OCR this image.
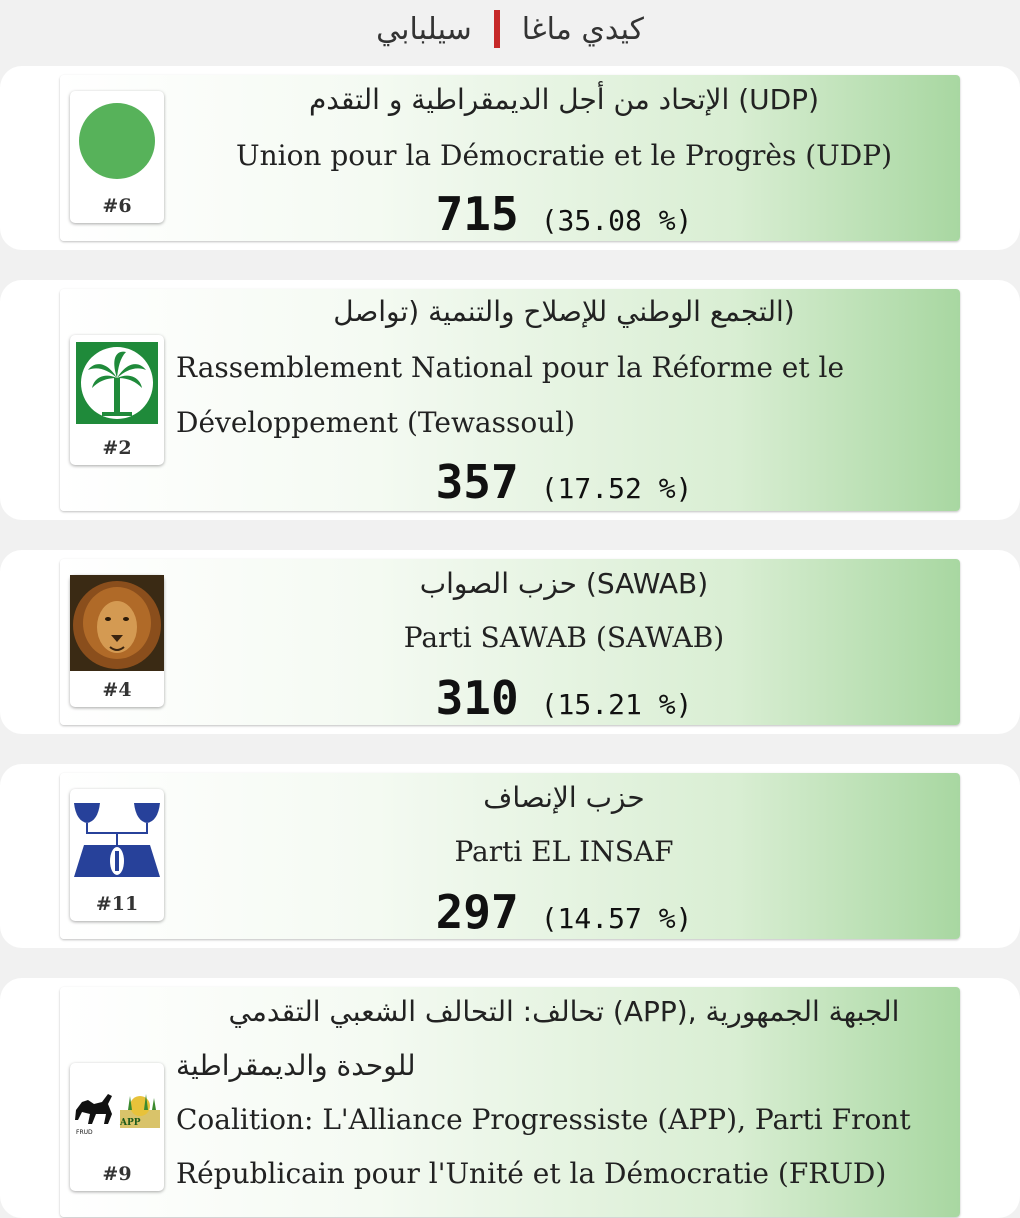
سيلبابي كيدي ماغا
#6
(UDP) الإتحاد من أجل الديمقراطية و التقدم
Union pour la Démocratie et le Progrès (UDP)
715 (35.08 %)
#2
(التجمع الوطني للإصلاح والتنمية (تواصل
Rassemblement National pour la Réforme et le
Développement (Tewassoul)
357 (17.52 %)
#4
(SAWAB) حزب الصواب
Parti SAWAB (SAWAB)
310 (15.21 %)
#11
حزب الإنصاف
Parti EL INSAF
297 (14.57 %)
FRUD
APP
#9
الجبهة الجمهورية ,(APP) تحالف: التحالف الشعبي التقدمي
للوحدة والديمقراطية
Coalition: L'Alliance Progressiste (APP), Parti Front
Républicain pour l'Unité et la Démocratie (FRUD)
